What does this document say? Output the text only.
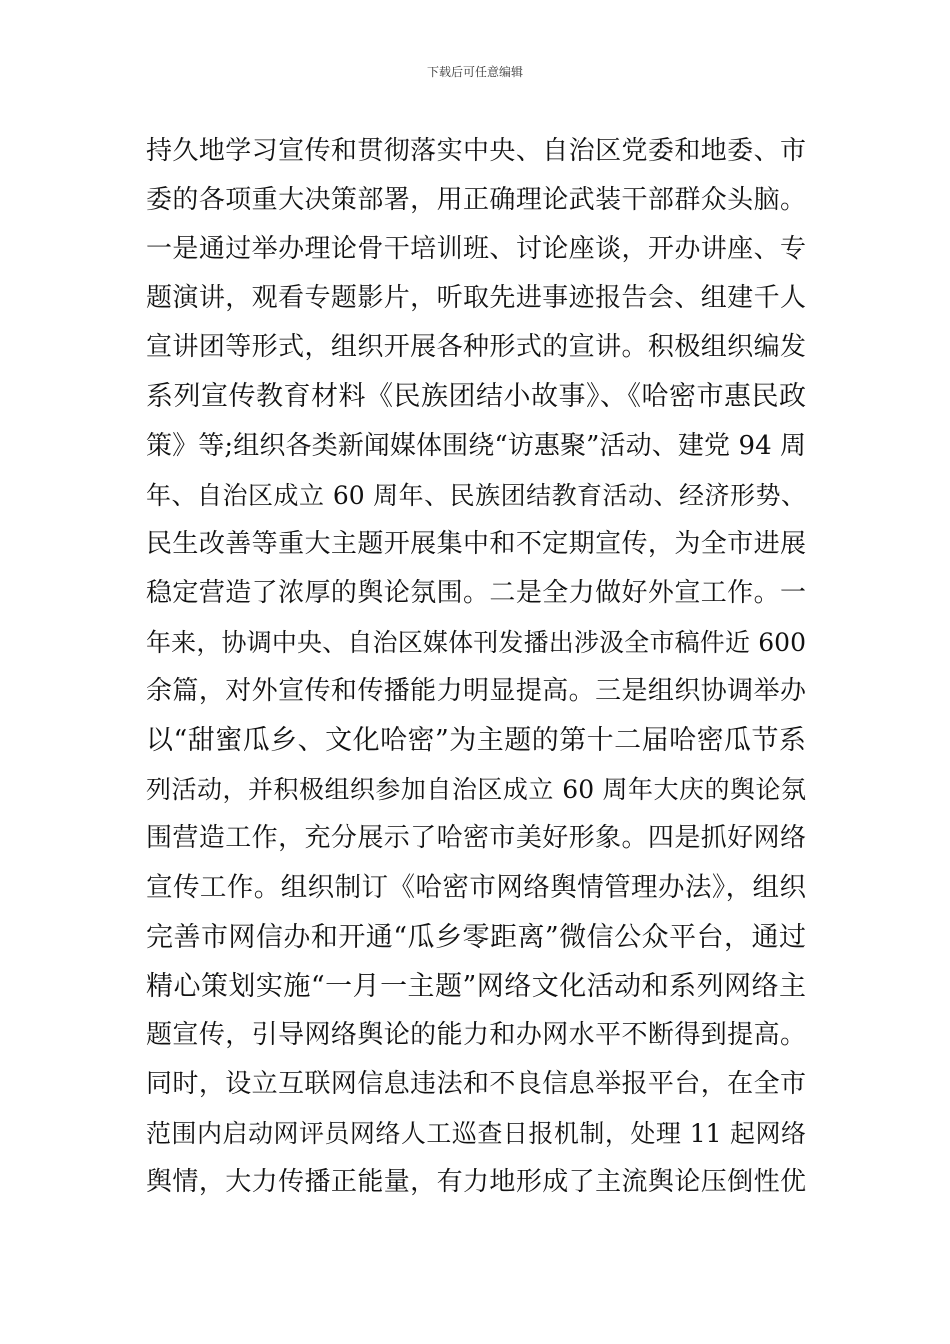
下载后可任意编辑
持久地学习宣传和贯彻落实中央、自治区党委和地委、市
委的各项重大决策部署，用正确理论武装干部群众头脑。
一是通过举办理论骨干培训班、讨论座谈，开办讲座、专
题演讲，观看专题影片，听取先进事迹报告会、组建千人
宣讲团等形式，组织开展各种形式的宣讲。积极组织编发
系列宣传教育材料《民族团结小故事》、《哈密市惠民政
策》等;组织各类新闻媒体围绕“访惠聚”活动、建党 94 周
年、自治区成立 60 周年、民族团结教育活动、经济形势、
民生改善等重大主题开展集中和不定期宣传，为全市进展
稳定营造了浓厚的舆论氛围。二是全力做好外宣工作。一
年来，协调中央、自治区媒体刊发播出涉汲全市稿件近 600
余篇，对外宣传和传播能力明显提高。三是组织协调举办
以“甜蜜瓜乡、文化哈密”为主题的第十二届哈密瓜节系
列活动，并积极组织参加自治区成立 60 周年大庆的舆论氛
围营造工作，充分展示了哈密市美好形象。四是抓好网络
宣传工作。组织制订《哈密市网络舆情管理办法》，组织
完善市网信办和开通“瓜乡零距离”微信公众平台，通过
精心策划实施“一月一主题”网络文化活动和系列网络主
题宣传，引导网络舆论的能力和办网水平不断得到提高。
同时，设立互联网信息违法和不良信息举报平台，在全市
范围内启动网评员网络人工巡查日报机制，处理 11 起网络
舆情，大力传播正能量，有力地形成了主流舆论压倒性优
